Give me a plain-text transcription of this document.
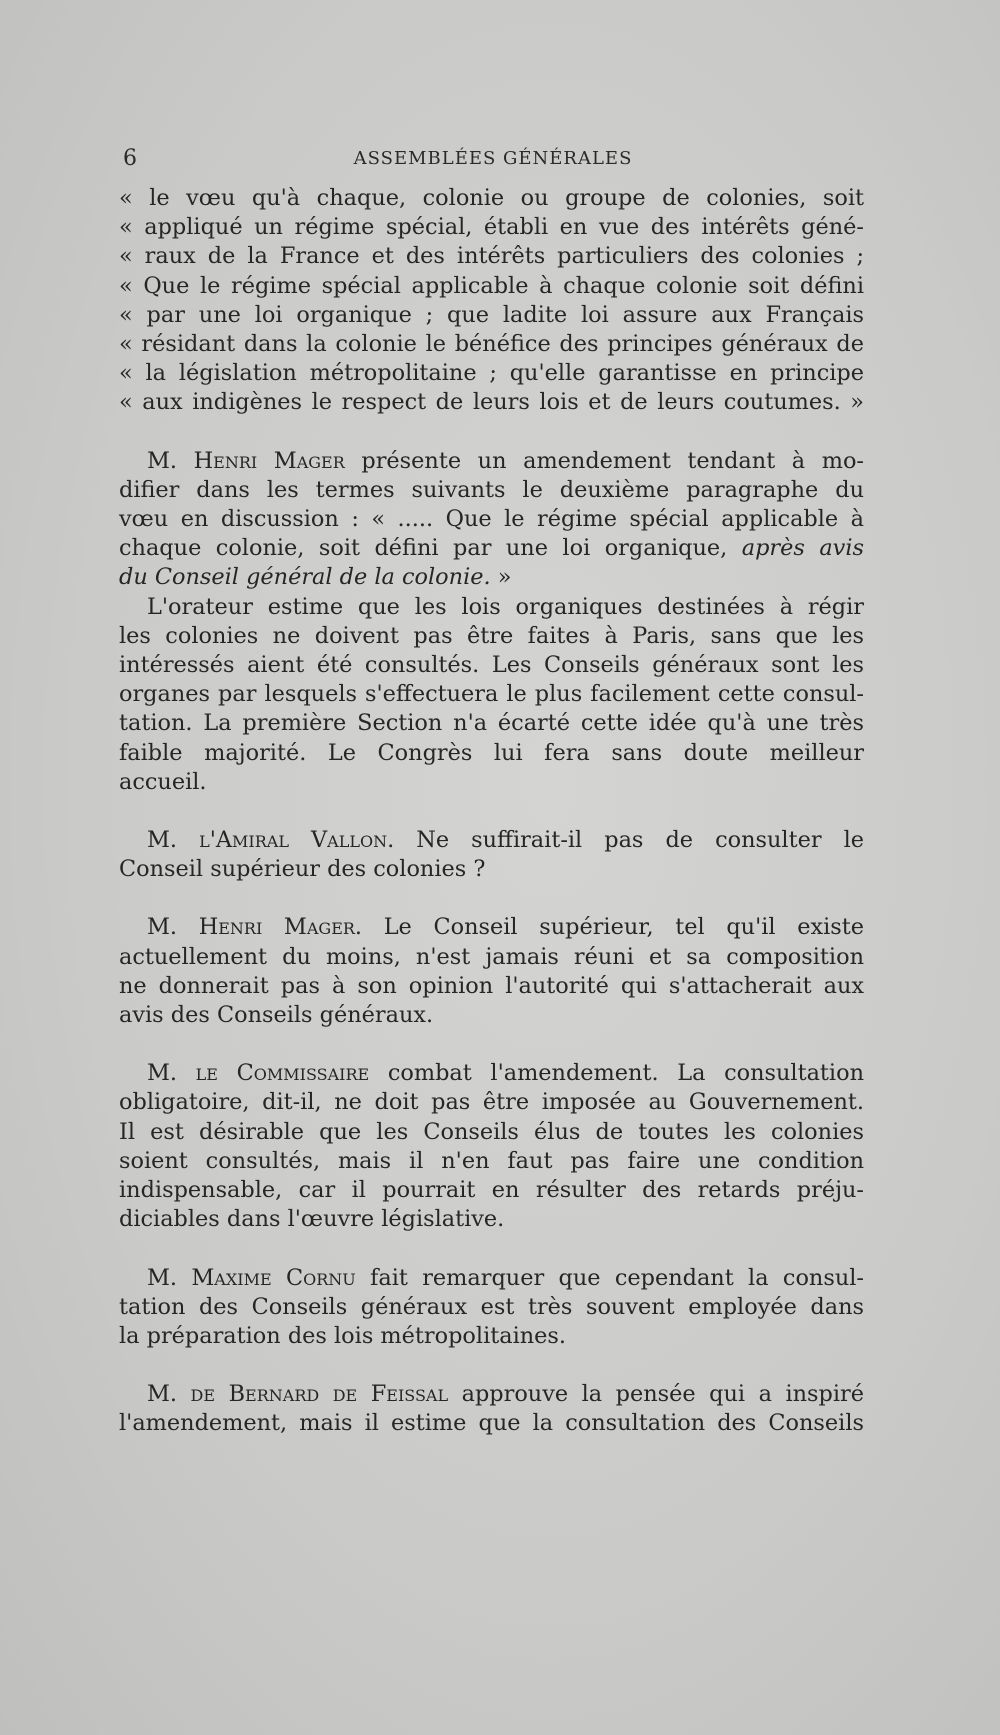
6	ASSEMBLÉES GÉNÉRALES

« le vœu qu'à chaque, colonie ou groupe de colonies, soit
« appliqué un régime spécial, établi en vue des intérêts géné-
« raux de la France et des intérêts particuliers des colonies ;
« Que le régime spécial applicable à chaque colonie soit défini
« par une loi organique ; que ladite loi assure aux Français
« résidant dans la colonie le bénéfice des principes généraux de
« la législation métropolitaine ; qu'elle garantisse en principe
« aux indigènes le respect de leurs lois et de leurs coutumes. »

M. Henri Mager présente un amendement tendant à mo-
difier dans les termes suivants le deuxième paragraphe du
vœu en discussion : « ..... Que le régime spécial applicable à
chaque colonie, soit défini par une loi organique, après avis
du Conseil général de la colonie. »

L'orateur estime que les lois organiques destinées à régir
les colonies ne doivent pas être faites à Paris, sans que les
intéressés aient été consultés. Les Conseils généraux sont les
organes par lesquels s'effectuera le plus facilement cette consul-
tation. La première Section n'a écarté cette idée qu'à une très
faible majorité. Le Congrès lui fera sans doute meilleur
accueil.

M. l'Amiral Vallon. Ne suffirait-il pas de consulter le
Conseil supérieur des colonies ?

M. Henri Mager. Le Conseil supérieur, tel qu'il existe
actuellement du moins, n'est jamais réuni et sa composition
ne donnerait pas à son opinion l'autorité qui s'attacherait aux
avis des Conseils généraux.

M. le Commissaire combat l'amendement. La consultation
obligatoire, dit-il, ne doit pas être imposée au Gouvernement.
Il est désirable que les Conseils élus de toutes les colonies
soient consultés, mais il n'en faut pas faire une condition
indispensable, car il pourrait en résulter des retards préju-
diciables dans l'œuvre législative.

M. Maxime Cornu fait remarquer que cependant la consul-
tation des Conseils généraux est très souvent employée dans
la préparation des lois métropolitaines.

M. de Bernard de Feissal approuve la pensée qui a inspiré
l'amendement, mais il estime que la consultation des Conseils
